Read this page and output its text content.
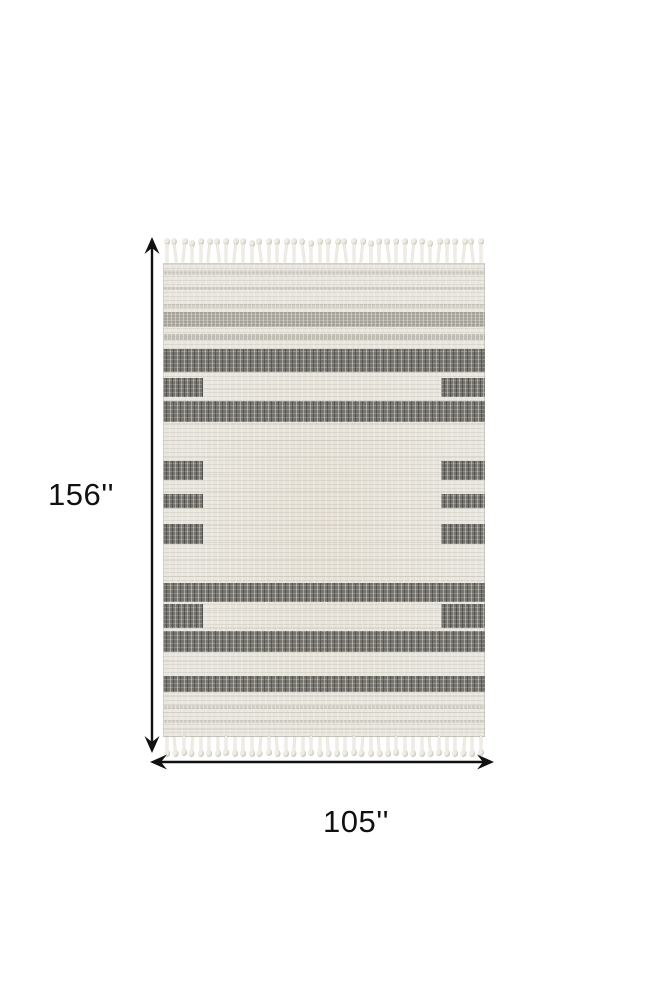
156''
105''
